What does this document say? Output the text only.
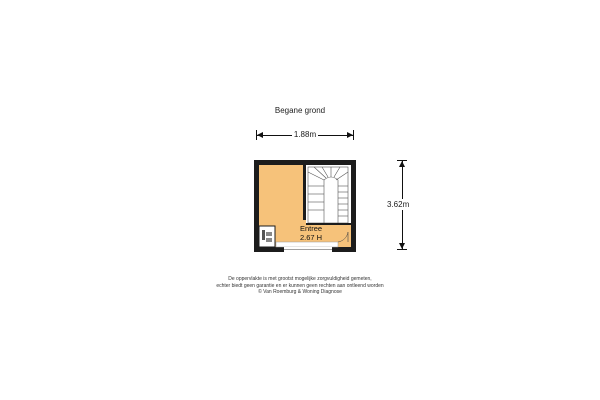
Begane grond
1.88m
Entree
2.67 H
3.62m
De oppervlakte is met grootst mogelijke zorgvuldigheid gemeten,
echter biedt geen garantie en er kunnen geen rechten aan ontleend worden
© Van Roemburg & Woning Diagnose
